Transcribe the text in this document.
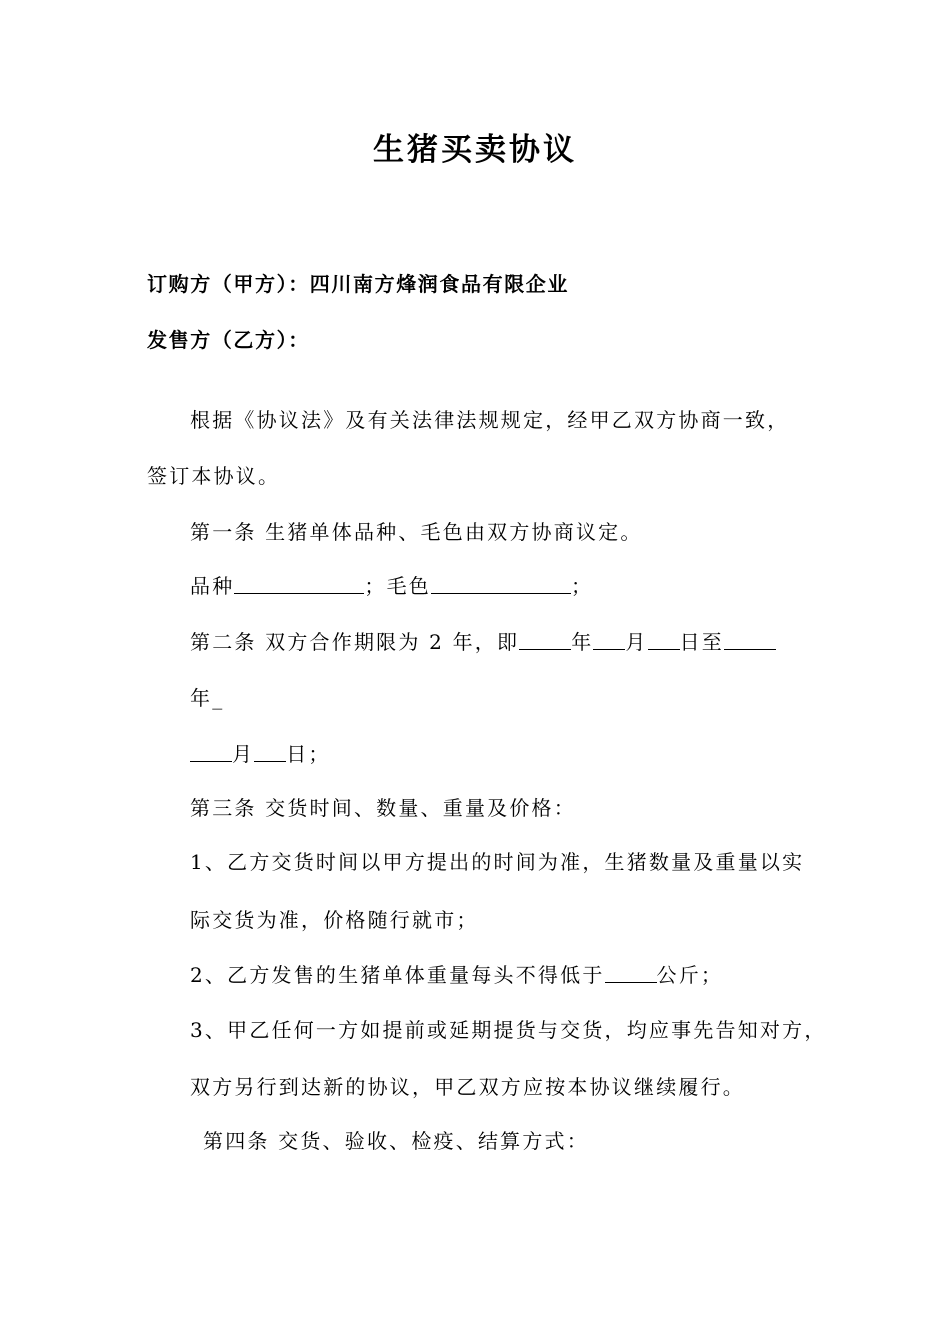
生猪买卖协议
订购方（甲方）：四川南方烽润食品有限企业
发售方（乙方）：
根据《协议法》及有关法律法规规定，经甲乙双方协商一致，
签订本协议。
第一条 生猪单体品种、毛色由双方协商议定。
品种	；毛色	；
第二条 双方合作期限为 2 年，即	年 月 日至
年_
月 日；
第三条 交货时间、数量、重量及价格：
1、乙方交货时间以甲方提出的时间为准，生猪数量及重量以实
际交货为准，价格随行就市；
2、乙方发售的生猪单体重量每头不得低于	公斤；
3、甲乙任何一方如提前或延期提货与交货，均应事先告知对方，
双方另行到达新的协议，甲乙双方应按本协议继续履行。
第四条 交货、验收、检疫、结算方式：
